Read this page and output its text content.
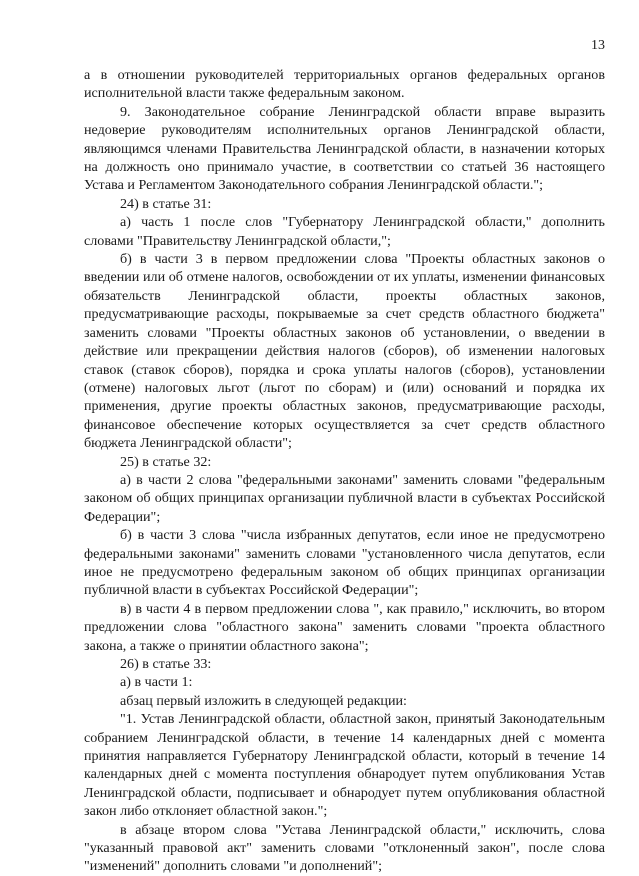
13

а в отношении руководителей территориальных органов федеральных органов исполнительной власти также федеральным законом.

9. Законодательное собрание Ленинградской области вправе выразить недоверие руководителям исполнительных органов Ленинградской области, являющимся членами Правительства Ленинградской области, в назначении которых на должность оно принимало участие, в соответствии со статьей 36 настоящего Устава и Регламентом Законодательного собрания Ленинградской области.";

24) в статье 31:

а) часть 1 после слов "Губернатору Ленинградской области," дополнить словами "Правительству Ленинградской области,";

б) в части 3 в первом предложении слова "Проекты областных законов о введении или об отмене налогов, освобождении от их уплаты, изменении финансовых обязательств Ленинградской области, проекты областных законов, предусматривающие расходы, покрываемые за счет средств областного бюджета" заменить словами "Проекты областных законов об установлении, о введении в действие или прекращении действия налогов (сборов), об изменении налоговых ставок (ставок сборов), порядка и срока уплаты налогов (сборов), установлении (отмене) налоговых льгот (льгот по сборам) и (или) оснований и порядка их применения, другие проекты областных законов, предусматривающие расходы, финансовое обеспечение которых осуществляется за счет средств областного бюджета Ленинградской области";

25) в статье 32:

а) в части 2 слова "федеральными законами" заменить словами "федеральным законом об общих принципах организации публичной власти в субъектах Российской Федерации";

б) в части 3 слова "числа избранных депутатов, если иное не предусмотрено федеральными законами" заменить словами "установленного числа депутатов, если иное не предусмотрено федеральным законом об общих принципах организации публичной власти в субъектах Российской Федерации";

в) в части 4 в первом предложении слова ", как правило," исключить, во втором предложении слова "областного закона" заменить словами "проекта областного закона, а также о принятии областного закона";

26) в статье 33:

а) в части 1:

абзац первый изложить в следующей редакции:

"1. Устав Ленинградской области, областной закон, принятый Законодательным собранием Ленинградской области, в течение 14 календарных дней с момента принятия направляется Губернатору Ленинградской области, который в течение 14 календарных дней с момента поступления обнародует путем опубликования Устав Ленинградской области, подписывает и обнародует путем опубликования областной закон либо отклоняет областной закон.";

в абзаце втором слова "Устава Ленинградской области," исключить, слова "указанный правовой акт" заменить словами "отклоненный закон", после слова "изменений" дополнить словами "и дополнений";
